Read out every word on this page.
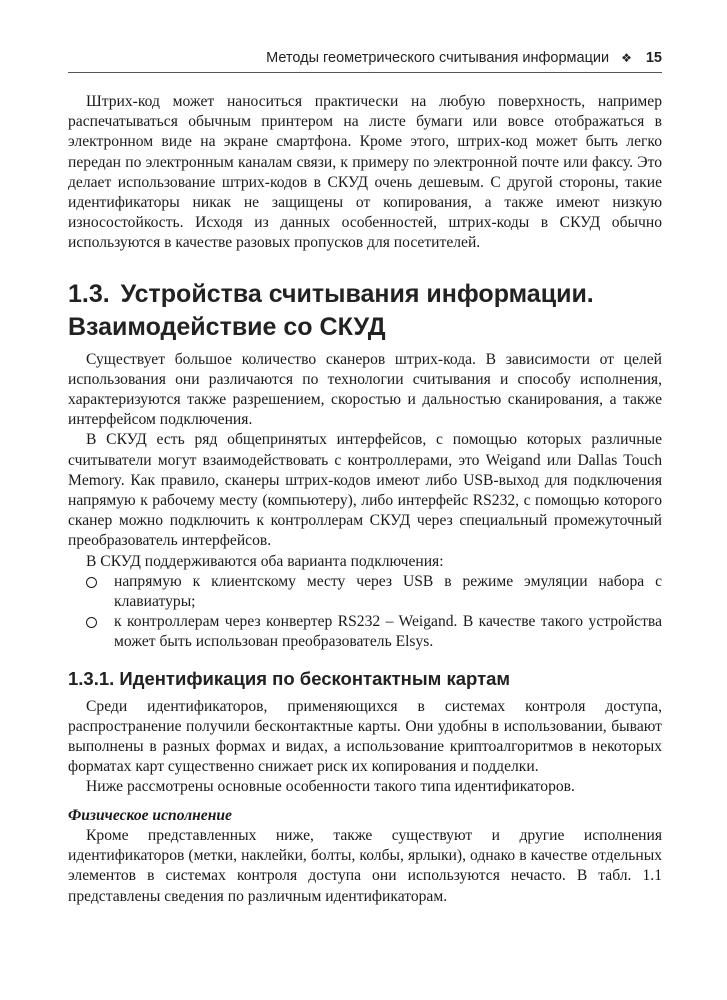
Методы геометрического считывания информации ❖ 15

Штрих-код может наноситься практически на любую поверхность, например распечатываться обычным принтером на листе бумаги или вовсе отображаться в электронном виде на экране смартфона. Кроме этого, штрих-код может быть легко передан по электронным каналам связи, к примеру по электронной почте или факсу. Это делает использование штрих-кодов в СКУД очень дешевым. С другой стороны, такие идентификаторы никак не защищены от копирования, а также имеют низкую износостойкость. Исходя из данных особенностей, штрих-коды в СКУД обычно используются в качестве разовых пропусков для посетителей.

1.3. Устройства считывания информации. Взаимодействие со СКУД

Существует большое количество сканеров штрих-кода. В зависимости от целей использования они различаются по технологии считывания и способу исполнения, характеризуются также разрешением, скоростью и дальностью сканирования, а также интерфейсом подключения.

В СКУД есть ряд общепринятых интерфейсов, с помощью которых различные считыватели могут взаимодействовать с контроллерами, это Weigand или Dallas Touch Memory. Как правило, сканеры штрих-кодов имеют либо USB-выход для подключения напрямую к рабочему месту (компьютеру), либо интерфейс RS232, с помощью которого сканер можно подключить к контроллерам СКУД через специальный промежуточный преобразователь интерфейсов.

В СКУД поддерживаются оба варианта подключения:

напрямую к клиентскому месту через USB в режиме эмуляции набора с клавиатуры;
к контроллерам через конвертер RS232 – Weigand. В качестве такого устройства может быть использован преобразователь Elsys.
1.3.1. Идентификация по бесконтактным картам

Среди идентификаторов, применяющихся в системах контроля доступа, распространение получили бесконтактные карты. Они удобны в использовании, бывают выполнены в разных формах и видах, а использование криптоалгоритмов в некоторых форматах карт существенно снижает риск их копирования и подделки.

Ниже рассмотрены основные особенности такого типа идентификаторов.

Физическое исполнение

Кроме представленных ниже, также существуют и другие исполнения идентификаторов (метки, наклейки, болты, колбы, ярлыки), однако в качестве отдельных элементов в системах контроля доступа они используются нечасто. В табл. 1.1 представлены сведения по различным идентификаторам.
